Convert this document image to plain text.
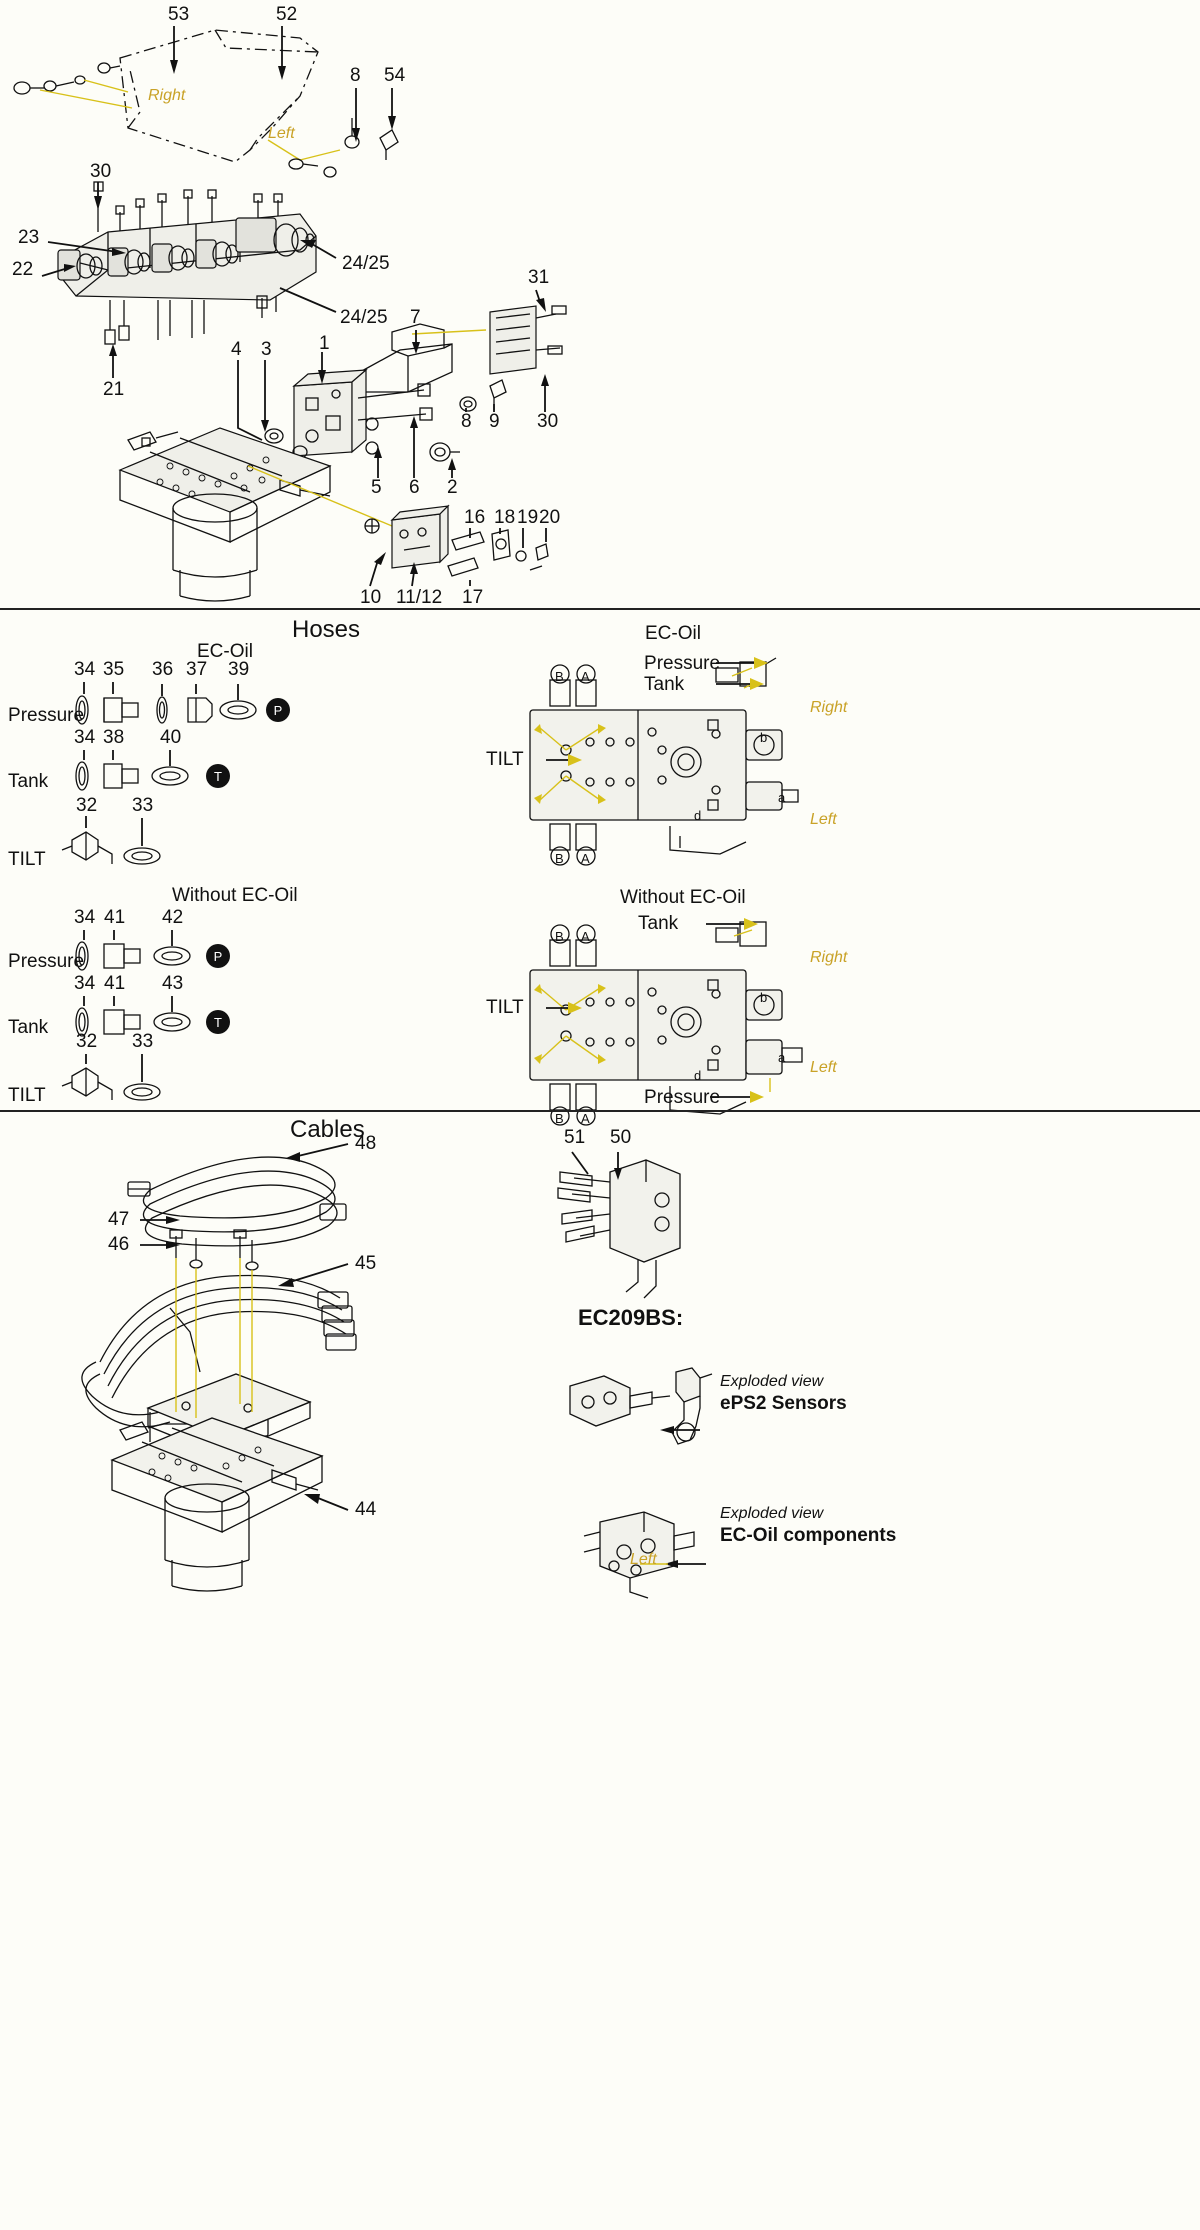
53	52
8 54
30
23
22	24/25
24/25
21
31
7
4 3 1
8 9 30
5 6 2
10 11/12 17
16 18 19 20
Right
Left
Hoses
EC-Oil
EC-Oil
P
T
P
T
Pressure
Tank
TILT
34 35 36 37 39
34 38 40
32 33
Without EC-Oil
Pressure
Tank
TILT
34 41 42
34 41 43
32 33
Pressure
Tank
TILT
Right
Left
Without EC-Oil
Tank
TILT
Pressure
Right
Left
B A
B A
b
a
d
B A
B A
b
a
d
Cables
48
47
46
45
44
51 50
EC209BS:
Exploded view
ePS2 Sensors
Exploded view
EC-Oil components
Left
